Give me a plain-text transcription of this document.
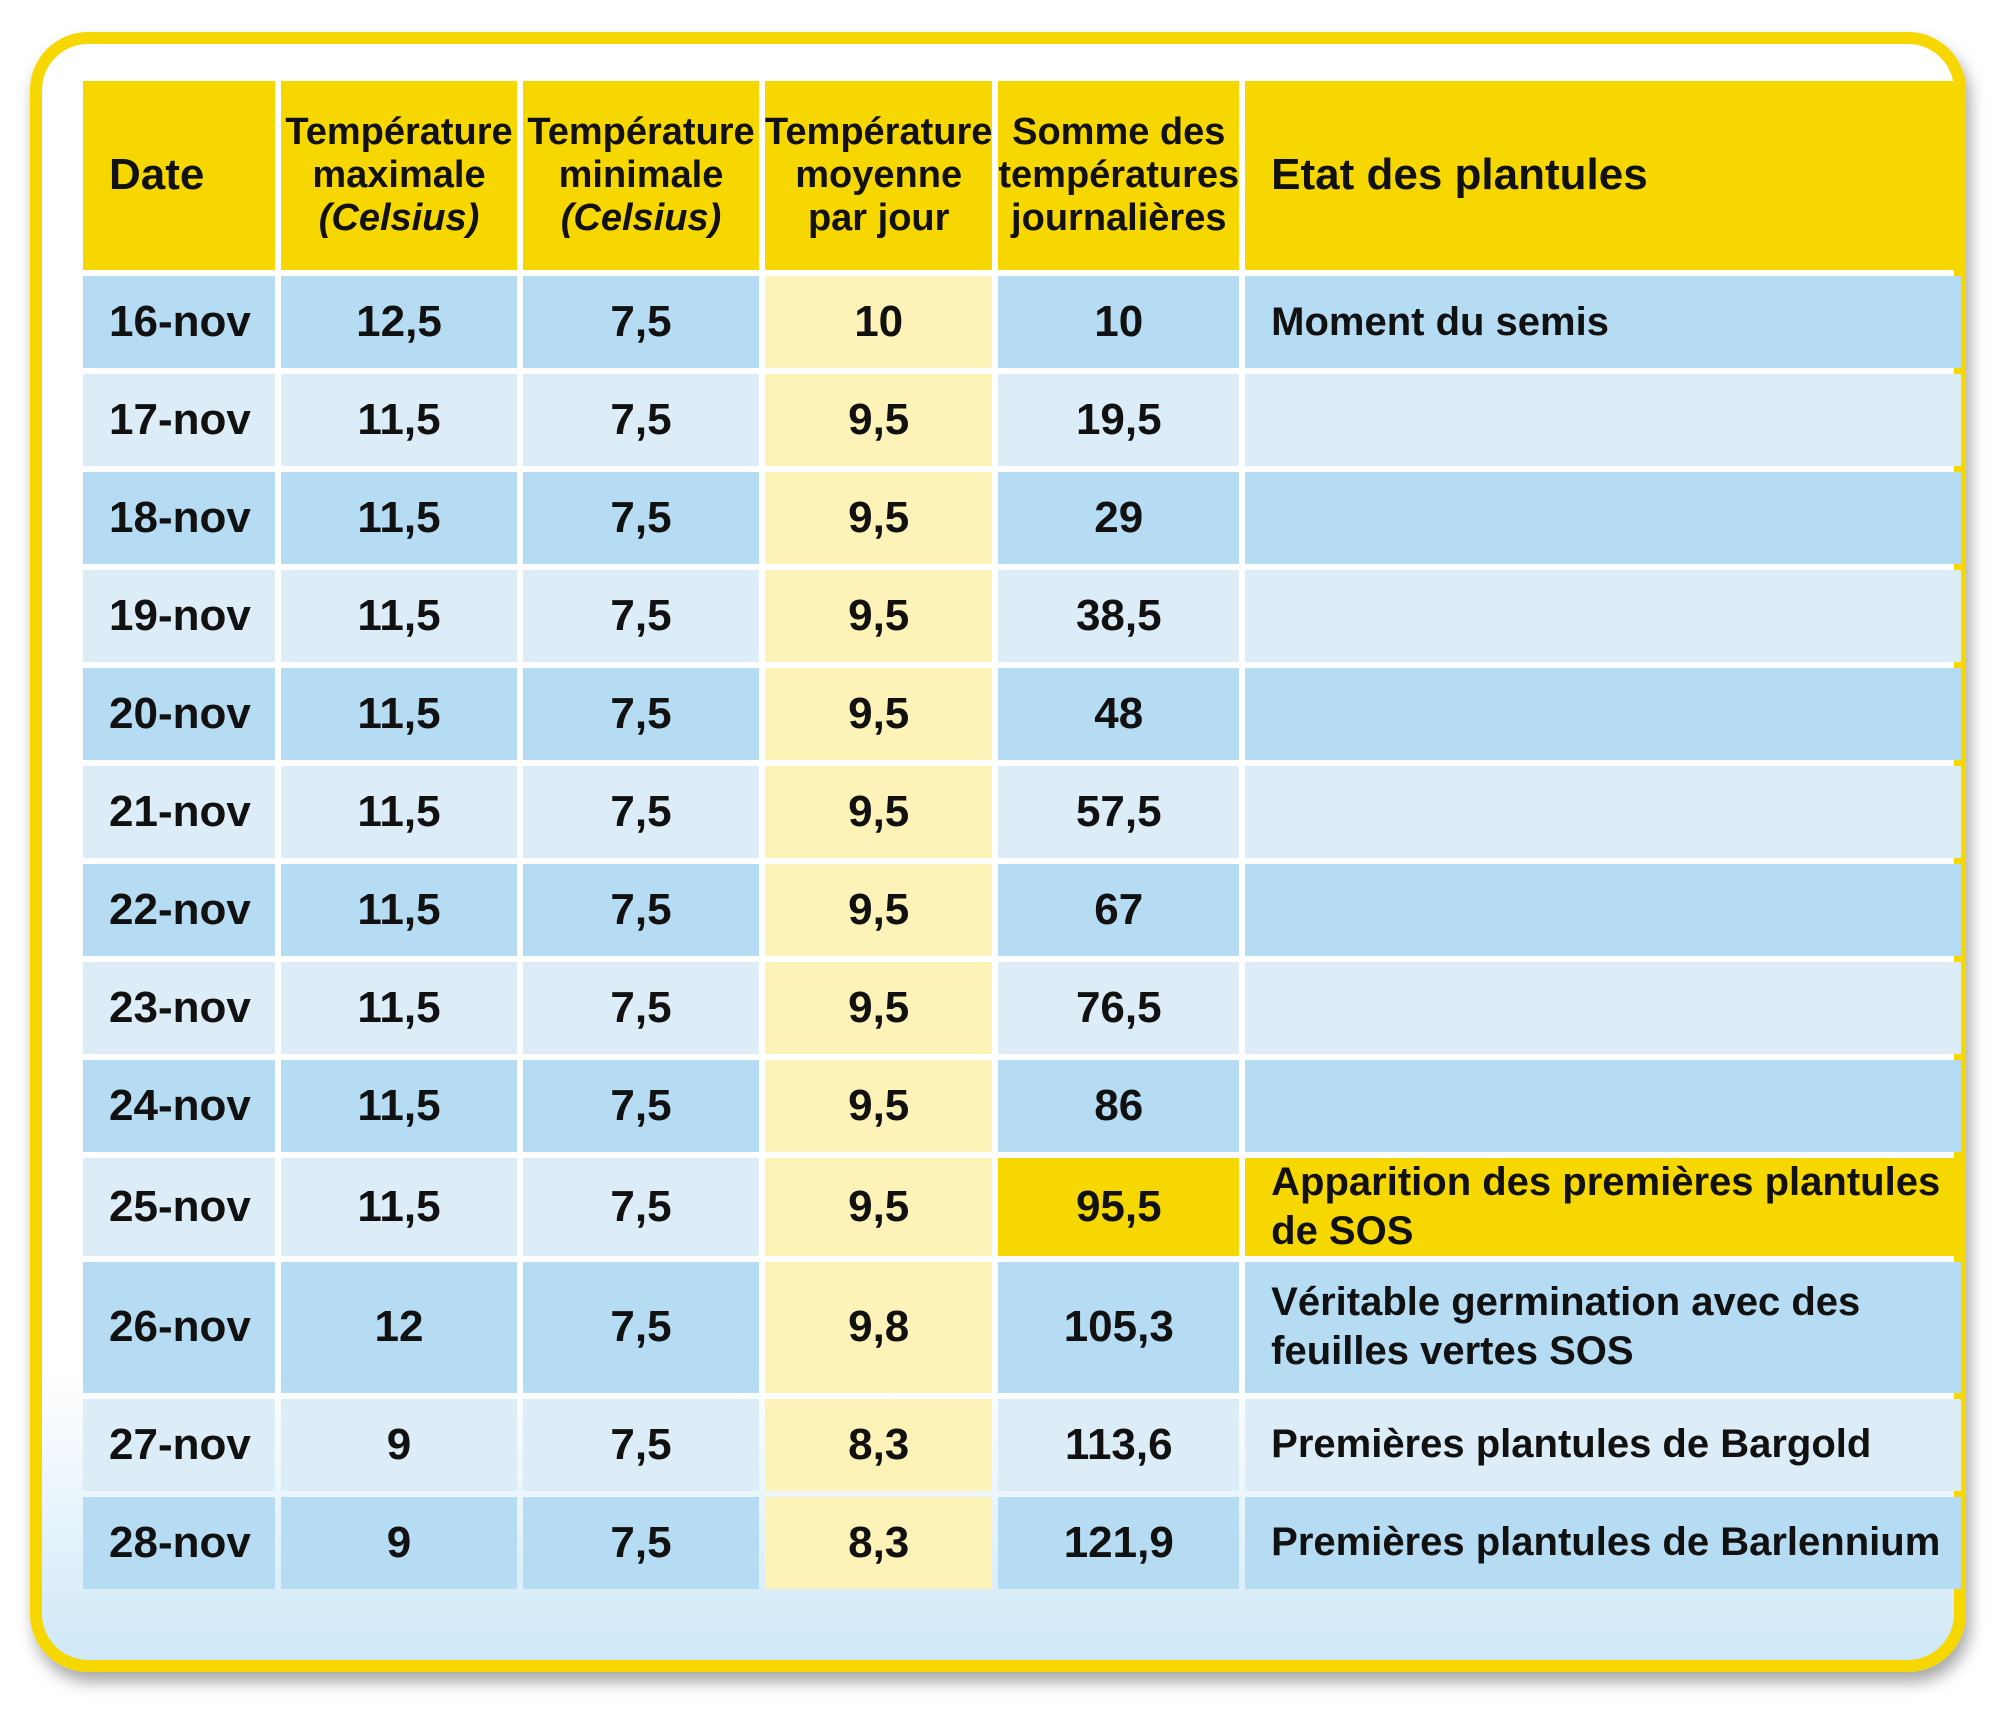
Date	Température
maximale
(Celsius)	Température
minimale
(Celsius)	Température
moyenne
par jour	Somme des
températures
journalières	Etat des plantules

16-nov	12,5	7,5	10	10	Moment du semis
17-nov	11,5	7,5	9,5	19,5	
18-nov	11,5	7,5	9,5	29	
19-nov	11,5	7,5	9,5	38,5	
20-nov	11,5	7,5	9,5	48	
21-nov	11,5	7,5	9,5	57,5	
22-nov	11,5	7,5	9,5	67	
23-nov	11,5	7,5	9,5	76,5	
24-nov	11,5	7,5	9,5	86	
25-nov	11,5	7,5	9,5	95,5	Apparition des premières plantules de SOS
26-nov	12	7,5	9,8	105,3	Véritable germination avec des feuilles vertes SOS
27-nov	9	7,5	8,3	113,6	Premières plantules de Bargold
28-nov	9	7,5	8,3	121,9	Premières plantules de Barlennium
